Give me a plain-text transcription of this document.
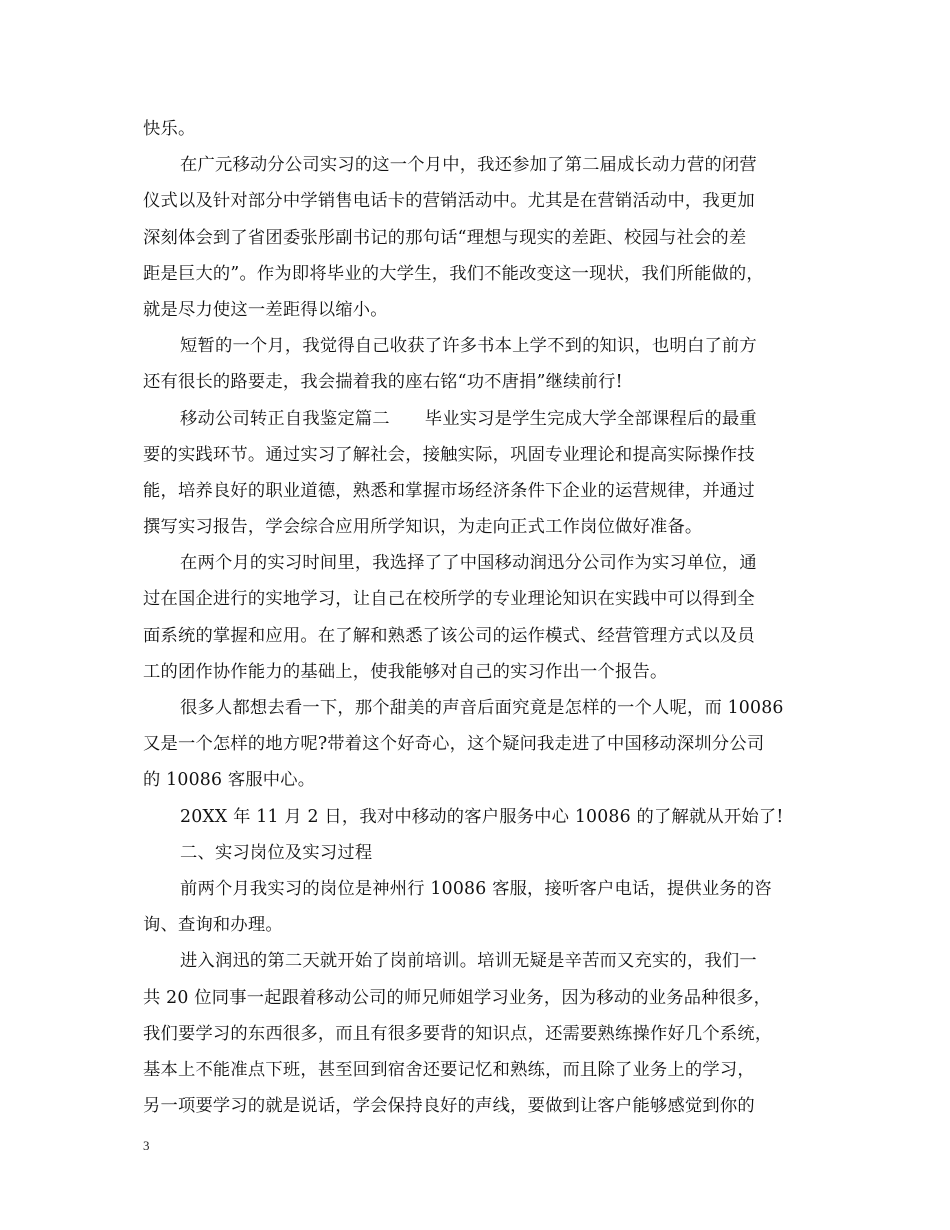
快乐。
在广元移动分公司实习的这一个月中，我还参加了第二届成长动力营的闭营
仪式以及针对部分中学销售电话卡的营销活动中。尤其是在营销活动中，我更加
深刻体会到了省团委张彤副书记的那句话“理想与现实的差距、校园与社会的差
距是巨大的”。作为即将毕业的大学生，我们不能改变这一现状，我们所能做的，
就是尽力使这一差距得以缩小。
短暂的一个月，我觉得自己收获了许多书本上学不到的知识，也明白了前方
还有很长的路要走，我会揣着我的座右铭“功不唐捐”继续前行!
移动公司转正自我鉴定篇二　　毕业实习是学生完成大学全部课程后的最重
要的实践环节。通过实习了解社会，接触实际，巩固专业理论和提高实际操作技
能，培养良好的职业道德，熟悉和掌握市场经济条件下企业的运营规律，并通过
撰写实习报告，学会综合应用所学知识，为走向正式工作岗位做好准备。
在两个月的实习时间里，我选择了了中国移动润迅分公司作为实习单位，通
过在国企进行的实地学习，让自己在校所学的专业理论知识在实践中可以得到全
面系统的掌握和应用。在了解和熟悉了该公司的运作模式、经营管理方式以及员
工的团作协作能力的基础上，使我能够对自己的实习作出一个报告。
很多人都想去看一下，那个甜美的声音后面究竟是怎样的一个人呢，而 10086
又是一个怎样的地方呢?带着这个好奇心，这个疑问我走进了中国移动深圳分公司
的 10086 客服中心。
20XX 年 11 月 2 日，我对中移动的客户服务中心 10086 的了解就从开始了!
二、实习岗位及实习过程
前两个月我实习的岗位是神州行 10086 客服，接听客户电话，提供业务的咨
询、查询和办理。
进入润迅的第二天就开始了岗前培训。培训无疑是辛苦而又充实的，我们一
共 20 位同事一起跟着移动公司的师兄师姐学习业务，因为移动的业务品种很多，
我们要学习的东西很多，而且有很多要背的知识点，还需要熟练操作好几个系统，
基本上不能准点下班，甚至回到宿舍还要记忆和熟练，而且除了业务上的学习，
另一项要学习的就是说话，学会保持良好的声线，要做到让客户能够感觉到你的
3
